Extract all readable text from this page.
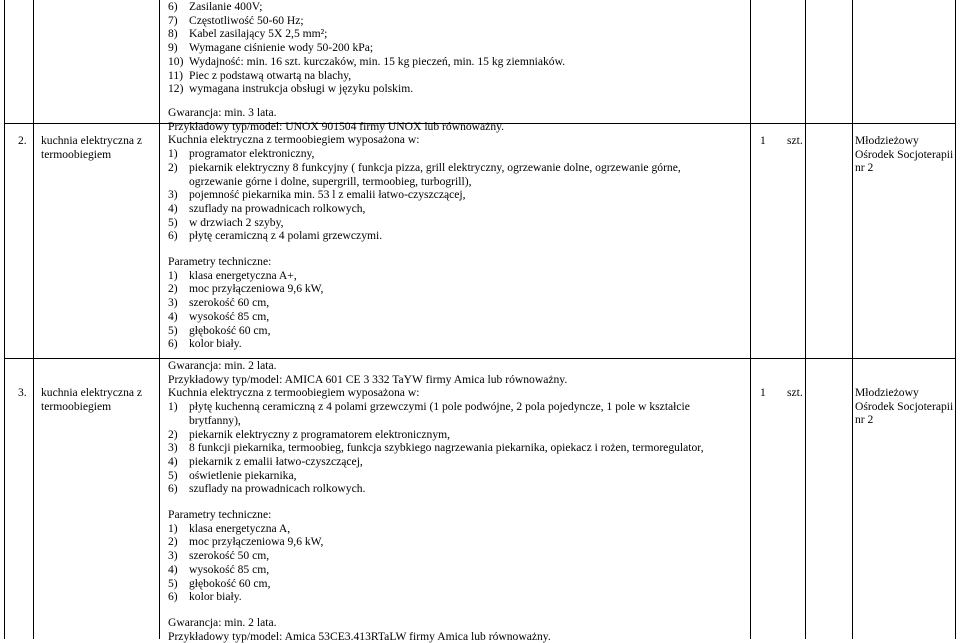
6) Zasilanie 400V;
7) Częstotliwość 50-60 Hz;
8) Kabel zasilający 5X 2,5 mm²;
9) Wymagane ciśnienie wody 50-200 kPa;
10) Wydajność: min. 16 szt. kurczaków, min. 15 kg pieczeń, min. 15 kg ziemniaków.
11) Piec z podstawą otwartą na blachy,
12) wymagana instrukcja obsługi w języku polskim.
2. kuchnia elektryczna z
termoobiegiem
Gwarancja: min. 3 lata.
Przykładowy typ/model: UNOX 901504 firmy UNOX lub równoważny.
Kuchnia elektryczna z termoobiegiem wyposażona w:
1) programator elektroniczny,
2) piekarnik elektryczny 8 funkcyjny ( funkcja pizza, grill elektryczny, ogrzewanie dolne, ogrzewanie górne,
ogrzewanie górne i dolne, supergrill, termoobieg, turbogrill),
3) pojemność piekarnika min. 53 l z emalii łatwo-czyszczącej,
4) szuflady na prowadnicach rolkowych,
5) w drzwiach 2 szyby,
6) płytę ceramiczną z 4 polami grzewczymi.
Parametry techniczne:
1) klasa energetyczna A+,
2) moc przyłączeniowa 9,6 kW,
3) szerokość 60 cm,
4) wysokość 85 cm,
5) głębokość 60 cm,
6) kolor biały.
1 szt.	Młodzieżowy
Ośrodek Socjoterapii
nr 2
3. kuchnia elektryczna z
termoobiegiem
Gwarancja: min. 2 lata.
Przykładowy typ/model: AMICA 601 CE 3 332 TaYW firmy Amica lub równoważny.
Kuchnia elektryczna z termoobiegiem wyposażona w:
1) płytę kuchenną ceramiczną z 4 polami grzewczymi (1 pole podwójne, 2 pola pojedyncze, 1 pole w kształcie
brytfanny),
2) piekarnik elektryczny z programatorem elektronicznym,
3) 8 funkcji piekarnika, termoobieg, funkcja szybkiego nagrzewania piekarnika, opiekacz i rożen, termoregulator,
4) piekarnik z emalii łatwo-czyszczącej,
5) oświetlenie piekarnika,
6) szuflady na prowadnicach rolkowych.
Parametry techniczne:
1) klasa energetyczna A,
2) moc przyłączeniowa 9,6 kW,
3) szerokość 50 cm,
4) wysokość 85 cm,
5) głębokość 60 cm,
6) kolor biały.
Gwarancja: min. 2 lata.
Przykładowy typ/model: Amica 53CE3.413RTaLW firmy Amica lub równoważny.
1 szt.	Młodzieżowy
Ośrodek Socjoterapii
nr 2
